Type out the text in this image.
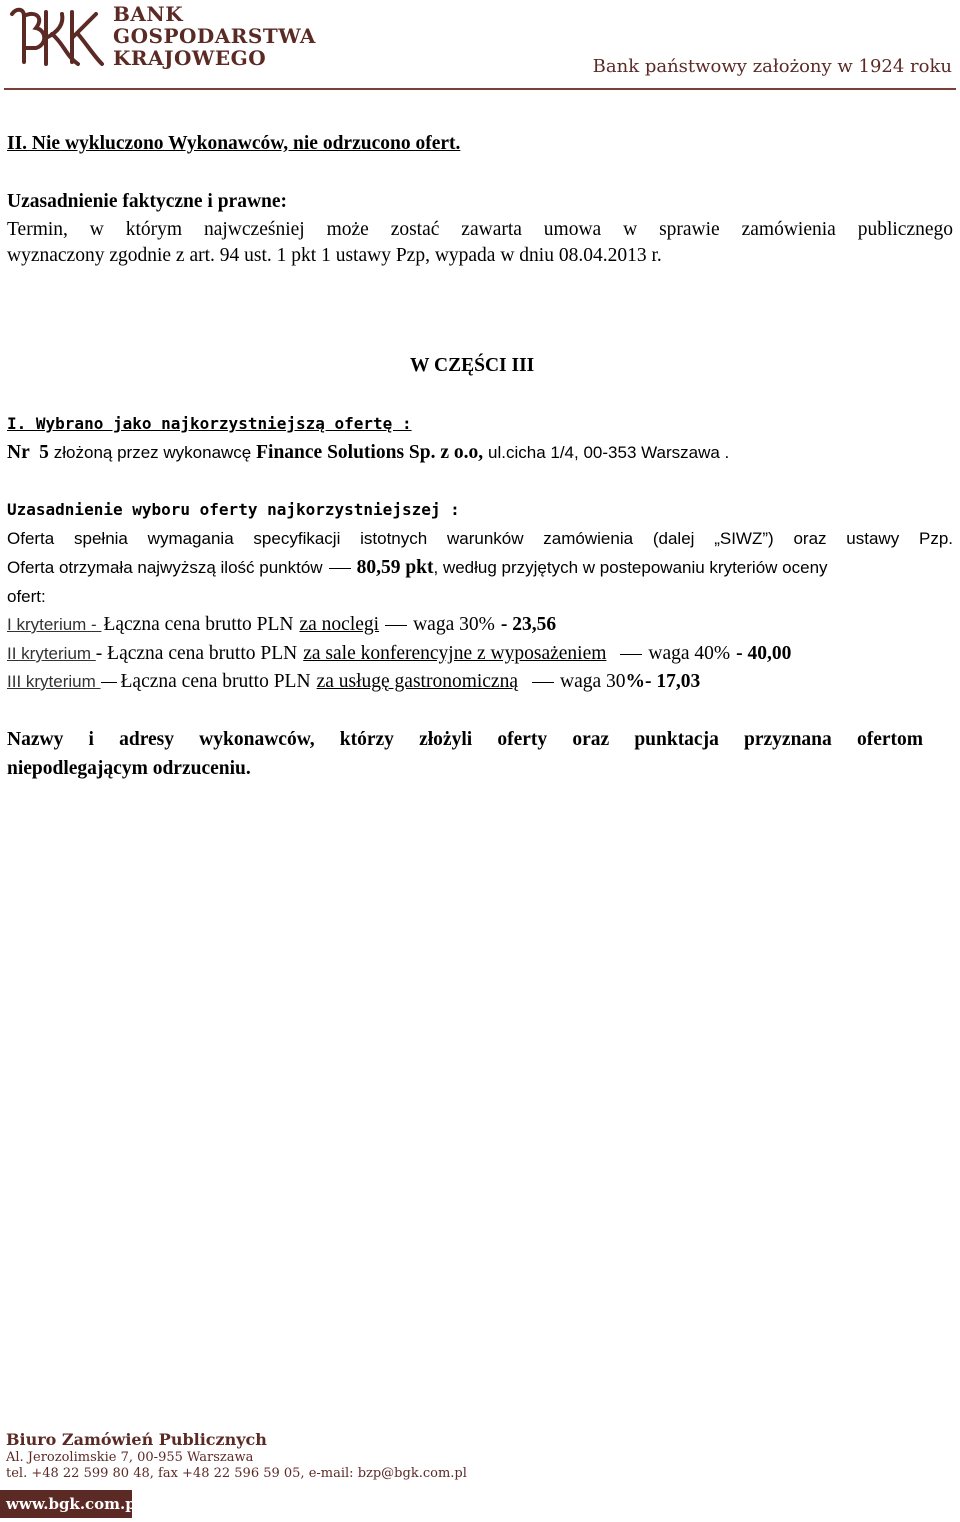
BGK
BANK
GOSPODARSTWA
KRAJOWEGO	Bank państwowy założony w 1924 roku
II. Nie wykluczono Wykonawców, nie odrzucono ofert.
Uzasadnienie faktyczne i prawne:
Termin, w którym najwcześniej może zostać zawarta umowa w sprawie zamówienia publicznego
wyznaczony zgodnie z art. 94 ust. 1 pkt 1 ustawy Pzp, wypada w dniu 08.04.2013 r.
W CZĘŚCI III
I. Wybrano jako najkorzystniejszą ofertę :
Nr  5 złożoną przez wykonawcę Finance Solutions Sp. z o.o, ul.cicha 1/4, 00-353 Warszawa .
Uzasadnienie wyboru oferty najkorzystniejszej :
Oferta spełnia wymagania specyfikacji istotnych warunków zamówienia (dalej „SIWZ”) oraz ustawy Pzp.
Oferta otrzymała najwyższą ilość punktów 80,59 pkt , według przyjętych w postepowaniu kryteriów oceny
ofert:
I kryterium - Łączna cena brutto PLN za noclegi waga 30% - 23,56
II kryterium - Łączna cena brutto PLN za sale konferencyjne z wyposażeniem waga 40% - 40,00
III kryterium Łączna cena brutto PLN za usługę gastronomiczną waga 30 %- 17,03
Nazwy i adresy wykonawców, którzy złożyli oferty oraz punktacja przyznana ofertom
niepodlegającym odrzuceniu.
Biuro Zamówień Publicznych
Al. Jerozolimskie 7, 00-955 Warszawa
tel. +48 22 599 80 48, fax +48 22 596 59 05, e-mail: bzp@bgk.com.pl
www.bgk.com.pl
